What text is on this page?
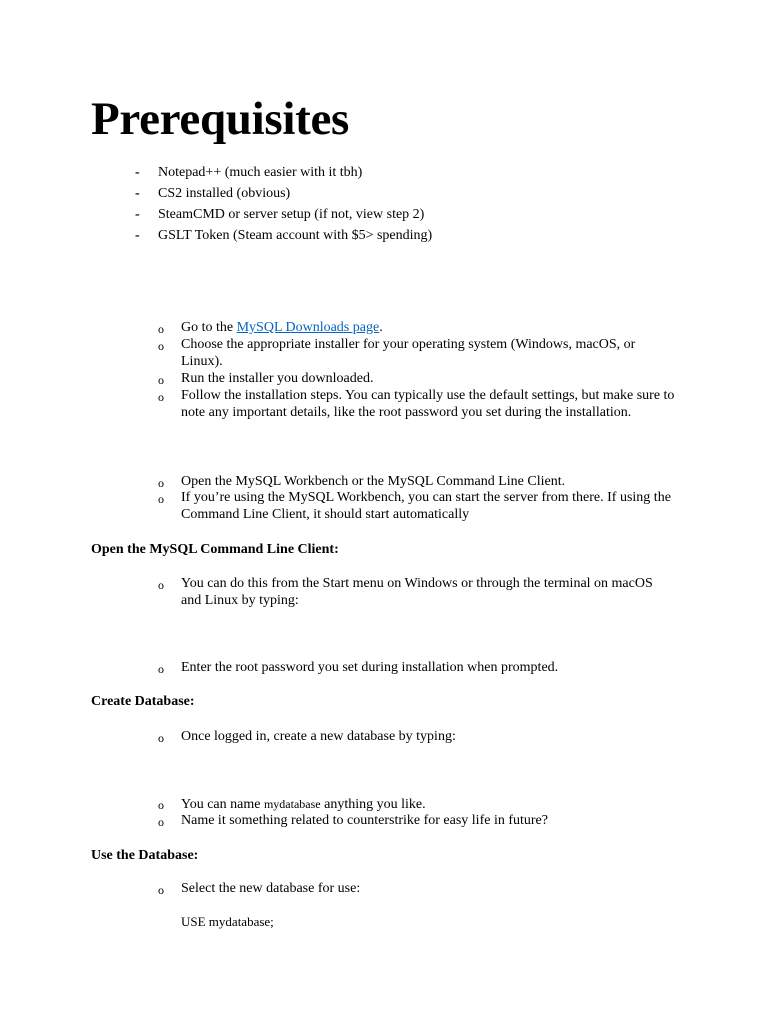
Prerequisites
- Notepad++ (much easier with it tbh)
- CS2 installed (obvious)
- SteamCMD or server setup (if not, view step 2)
- GSLT Token (Steam account with $5> spending)
o Go to the MySQL Downloads page.
o Choose the appropriate installer for your operating system (Windows, macOS, or Linux).
o Run the installer you downloaded.
o Follow the installation steps. You can typically use the default settings, but make sure to note any important details, like the root password you set during the installation.
o Open the MySQL Workbench or the MySQL Command Line Client.
o If you’re using the MySQL Workbench, you can start the server from there. If using the Command Line Client, it should start automatically
Open the MySQL Command Line Client:
o You can do this from the Start menu on Windows or through the terminal on macOS and Linux by typing:
o Enter the root password you set during installation when prompted.
Create Database:
o Once logged in, create a new database by typing:
o You can name mydatabase anything you like.
o Name it something related to counterstrike for easy life in future?
Use the Database:
o Select the new database for use:
USE mydatabase;
